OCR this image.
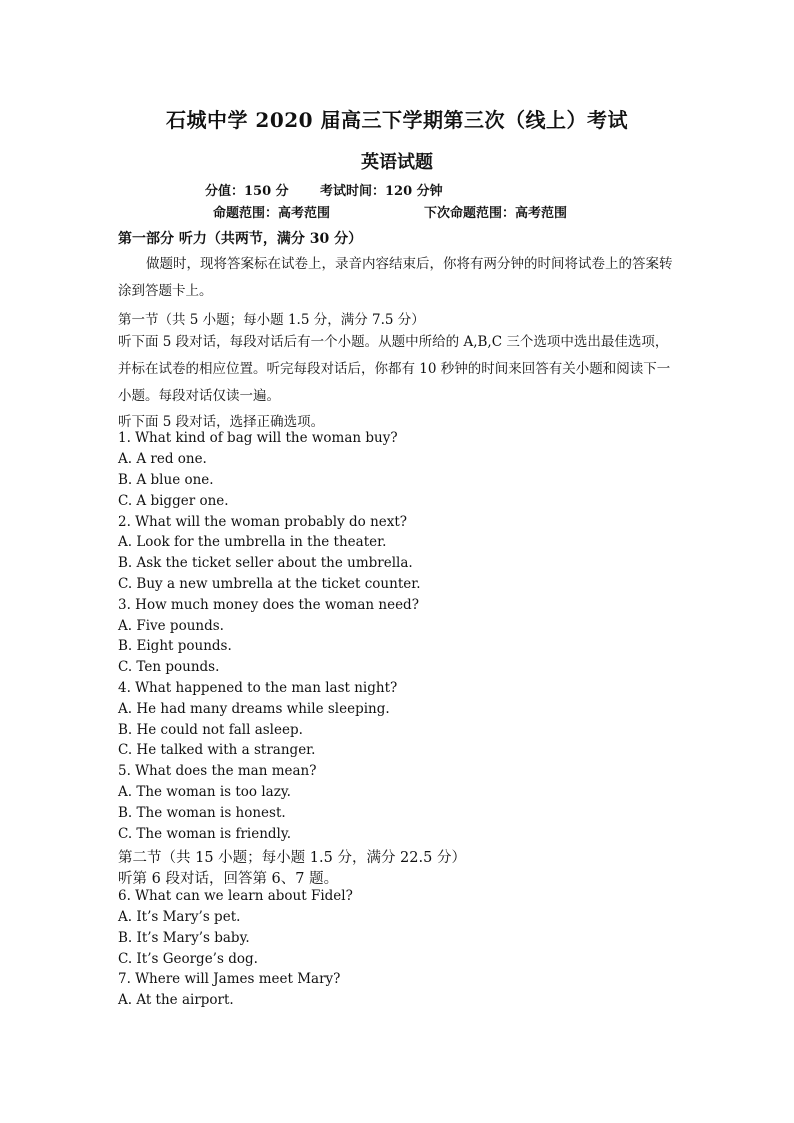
石城中学 2020 届高三下学期第三次（线上）考试
英语试题
分值：150 分 考试时间：120 分钟
命题范围：高考范围	下次命题范围：高考范围
第一部分 听力（共两节，满分 30 分）
做题时，现将答案标在试卷上，录音内容结束后，你将有两分钟的时间将试卷上的答案转涂到答题卡上。
第一节（共 5 小题；每小题 1.5 分，满分 7.5 分）
听下面 5 段对话，每段对话后有一个小题。从题中所给的 A,B,C 三个选项中选出最佳选项，并标在试卷的相应位置。听完每段对话后，你都有 10 秒钟的时间来回答有关小题和阅读下一小题。每段对话仅读一遍。
听下面 5 段对话，选择正确选项。
1. What kind of bag will the woman buy?
A. A red one.
B. A blue one.
C. A bigger one.
2. What will the woman probably do next?
A. Look for the umbrella in the theater.
B. Ask the ticket seller about the umbrella.
C. Buy a new umbrella at the ticket counter.
3. How much money does the woman need?
A. Five pounds.
B. Eight pounds.
C. Ten pounds.
4. What happened to the man last night?
A. He had many dreams while sleeping.
B. He could not fall asleep.
C. He talked with a stranger.
5. What does the man mean?
A. The woman is too lazy.
B. The woman is honest.
C. The woman is friendly.
第二节（共 15 小题；每小题 1.5 分，满分 22.5 分）
听第 6 段对话，回答第 6、7 题。
6. What can we learn about Fidel?
A. It’s Mary’s pet.
B. It’s Mary’s baby.
C. It’s George’s dog.
7. Where will James meet Mary?
A. At the airport.
